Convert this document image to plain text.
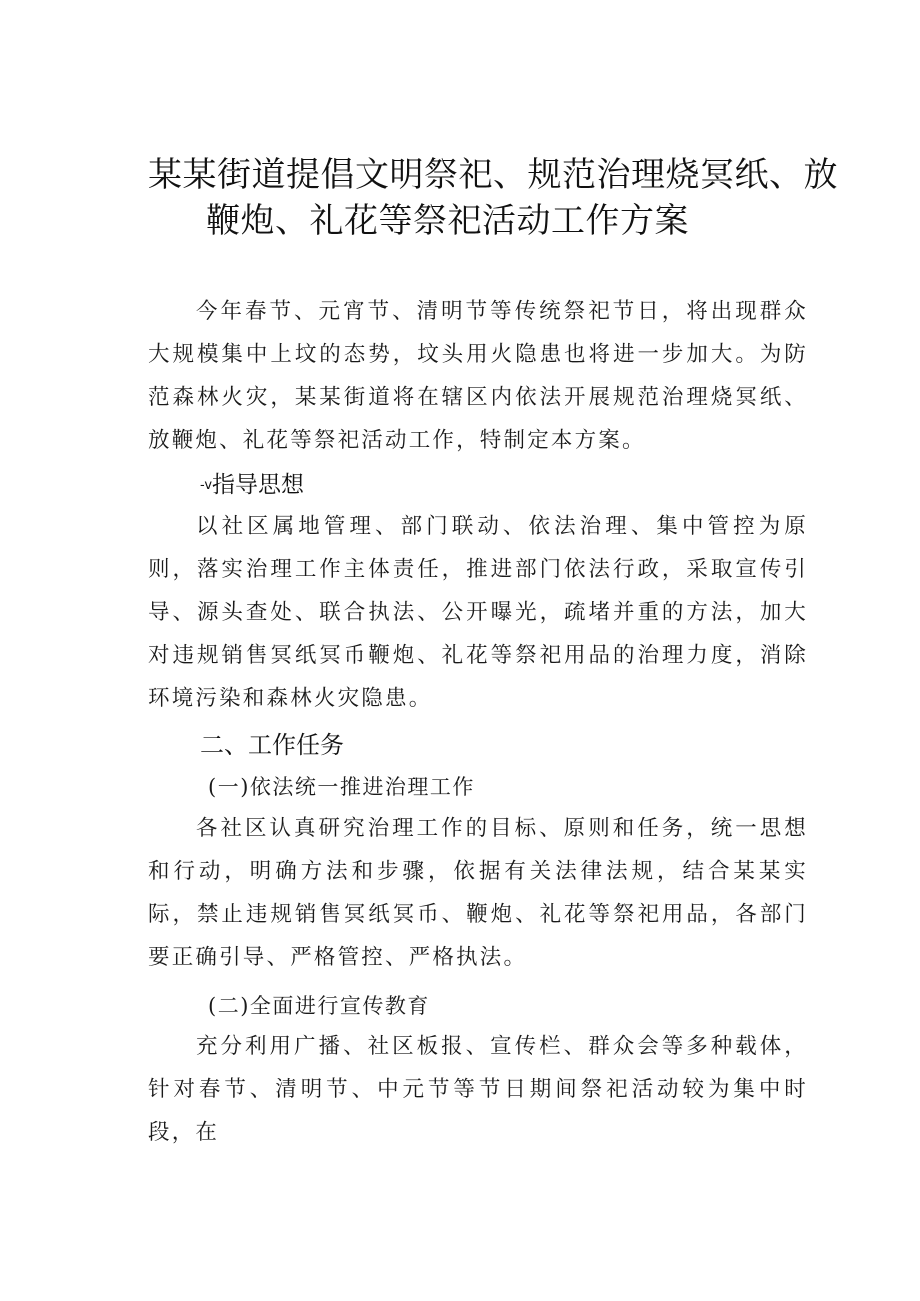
某某街道提倡文明祭祀、规范治理烧冥纸、放
鞭炮、礼花等祭祀活动工作方案

今年春节、元宵节、清明节等传统祭祀节日，将出现群众大规模集中上坟的态势，坟头用火隐患也将进一步加大。为防范森林火灾，某某街道将在辖区内依法开展规范治理烧冥纸、放鞭炮、礼花等祭祀活动工作，特制定本方案。

-v指导思想

以社区属地管理、部门联动、依法治理、集中管控为原则，落实治理工作主体责任，推进部门依法行政，采取宣传引导、源头查处、联合执法、公开曝光，疏堵并重的方法，加大对违规销售冥纸冥币鞭炮、礼花等祭祀用品的治理力度，消除环境污染和森林火灾隐患。

二、工作任务
(一)依法统一推进治理工作

各社区认真研究治理工作的目标、原则和任务，统一思想和行动，明确方法和步骤，依据有关法律法规，结合某某实际，禁止违规销售冥纸冥币、鞭炮、礼花等祭祀用品，各部门要正确引导、严格管控、严格执法。

(二)全面进行宣传教育

充分利用广播、社区板报、宣传栏、群众会等多种载体，针对春节、清明节、中元节等节日期间祭祀活动较为集中时段，在
